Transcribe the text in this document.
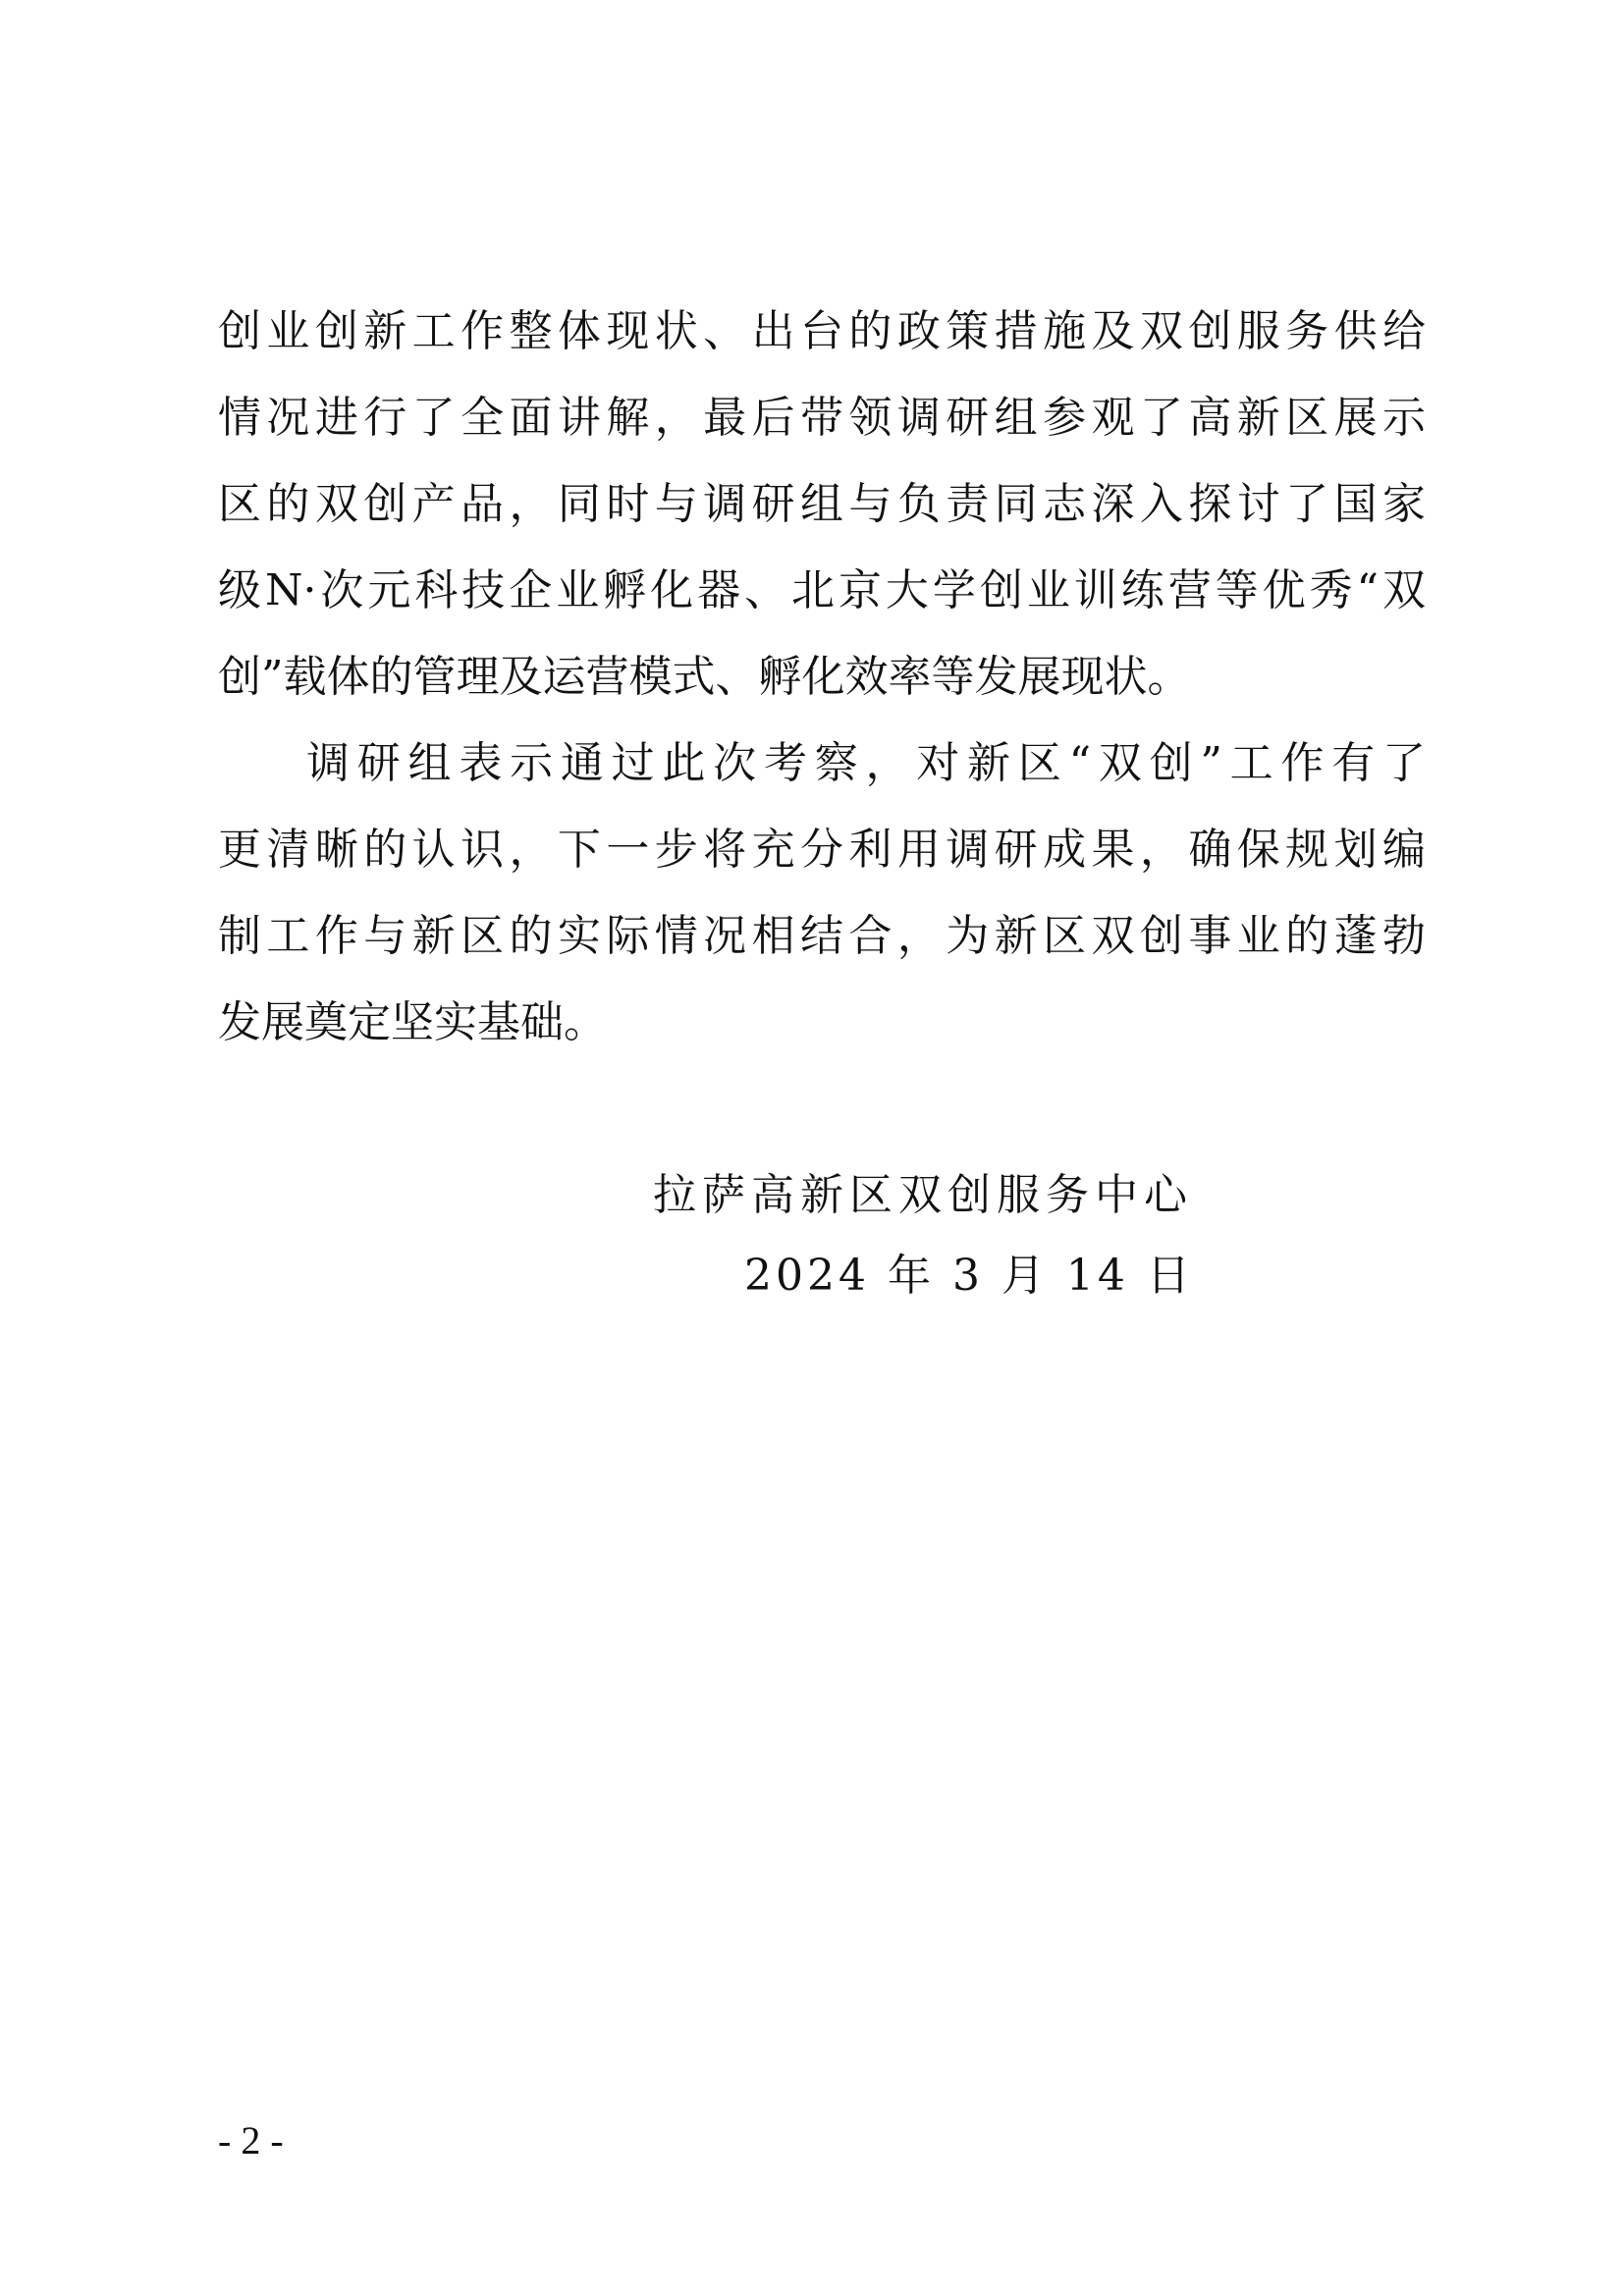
创业创新工作整体现状、出台的政策措施及双创服务供给
情况进行了全面讲解，最后带领调研组参观了高新区展示
区的双创产品，同时与调研组与负责同志深入探讨了国家
级N·次元科技企业孵化器、北京大学创业训练营等优秀“双
创”载体的管理及运营模式、孵化效率等发展现状。
调研组表示通过此次考察，对新区“双创”工作有了
更清晰的认识，下一步将充分利用调研成果，确保规划编
制工作与新区的实际情况相结合，为新区双创事业的蓬勃
发展奠定坚实基础。
拉萨高新区双创服务中心
2024 年 3 月 14 日
- 2 -
